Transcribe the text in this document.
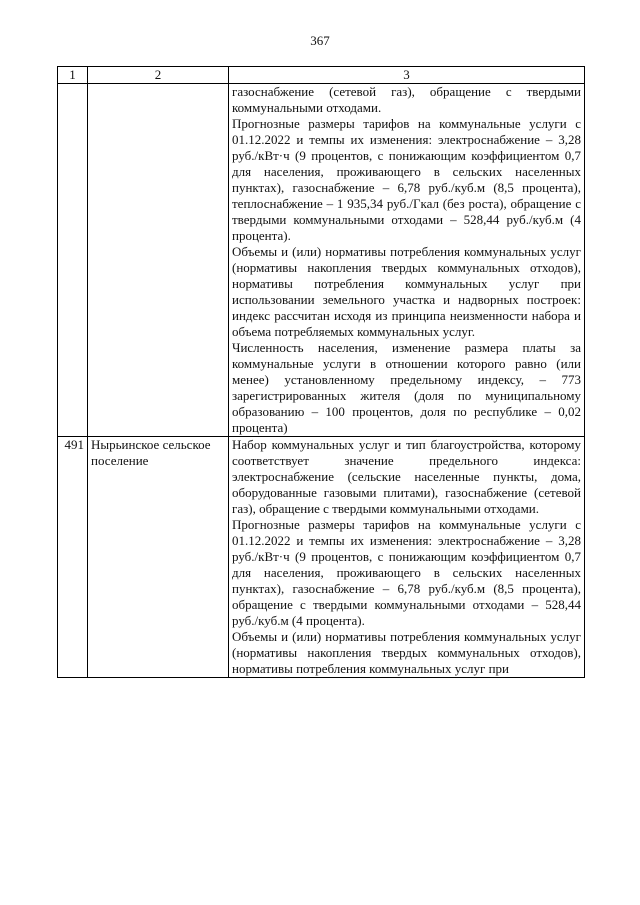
367
1	2	3

		газоснабжение (сетевой газ), обращение с твердыми коммунальными отходами.

Прогнозные размеры тарифов на коммунальные услуги с 01.12.2022 и темпы их изменения: электроснабжение – 3,28 руб./кВт·ч (9 процентов, с понижающим коэффициентом 0,7 для населения, проживающего в сельских населенных пунктах), газоснабжение – 6,78 руб./куб.м (8,5 процента), теплоснабжение – 1 935,34 руб./Гкал (без роста), обращение с твердыми коммунальными отходами – 528,44 руб./куб.м (4 процента).

Объемы и (или) нормативы потребления коммунальных услуг (нормативы накопления твердых коммунальных отходов), нормативы потребления коммунальных услуг при использовании земельного участка и надворных построек: индекс рассчитан исходя из принципа неизменности набора и объема потребляемых коммунальных услуг.

Численность населения, изменение размера платы за коммунальные услуги в отношении которого равно (или менее) установленному предельному индексу, – 773 зарегистрированных жителя (доля по муниципальному образованию – 100 процентов, доля по республике – 0,02 процента)

491	Нырьинское сельское поселение	Набор коммунальных услуг и тип благоустройства, которому соответствует значение предельного индекса: электроснабжение (сельские населенные пункты, дома, оборудованные газовыми плитами), газоснабжение (сетевой газ), обращение с твердыми коммунальными отходами.

Прогнозные размеры тарифов на коммунальные услуги с 01.12.2022 и темпы их изменения: электроснабжение – 3,28 руб./кВт·ч (9 процентов, с понижающим коэффициентом 0,7 для населения, проживающего в сельских населенных пунктах), газоснабжение – 6,78 руб./куб.м (8,5 процента), обращение с твердыми коммунальными отходами – 528,44 руб./куб.м (4 процента).

Объемы и (или) нормативы потребления коммунальных услуг (нормативы накопления твердых коммунальных отходов), нормативы потребления коммунальных услуг при
